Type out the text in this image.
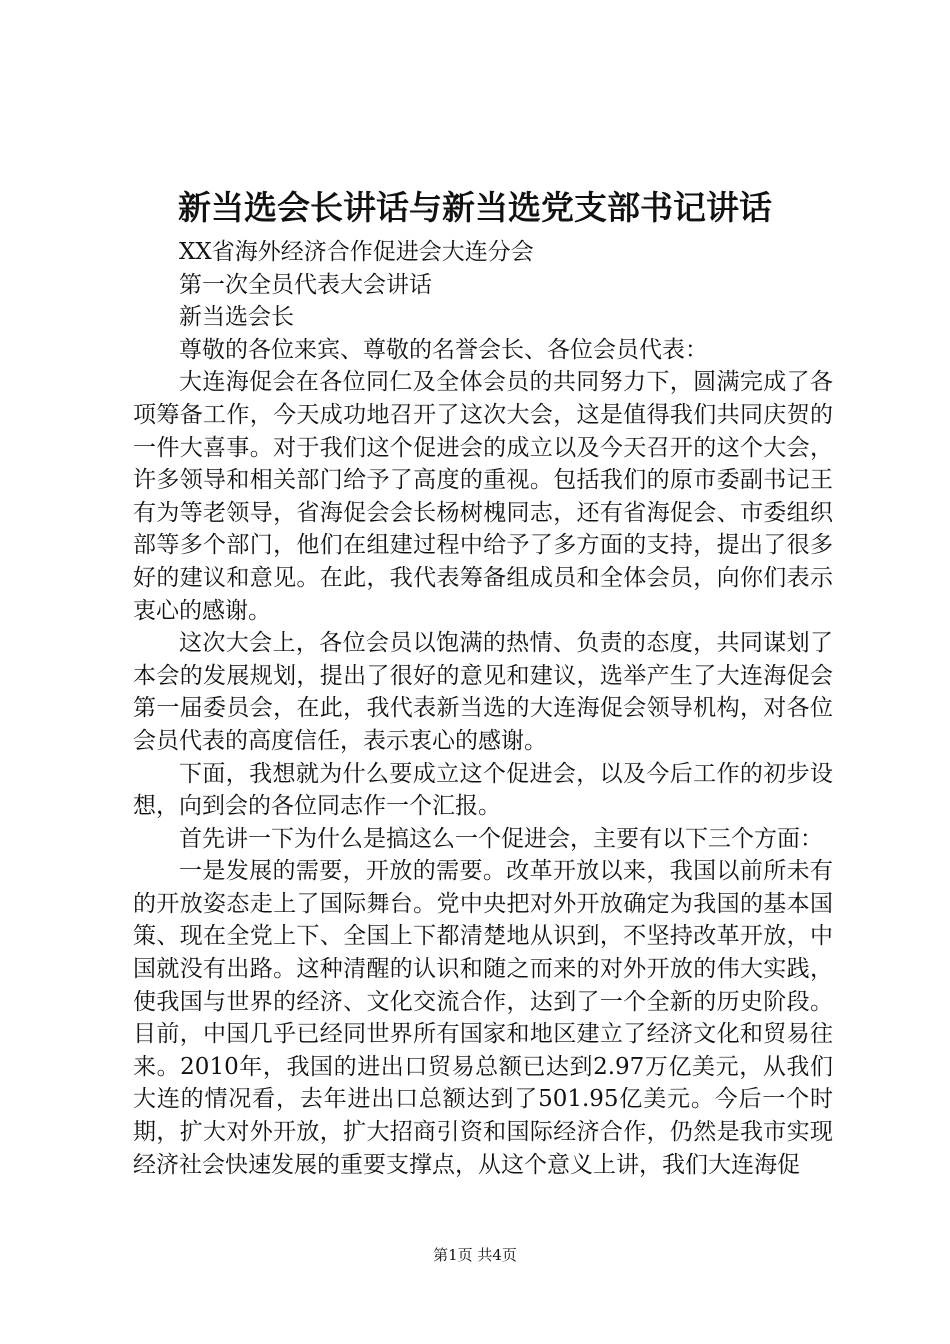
新当选会长讲话与新当选党支部书记讲话

XX省海外经济合作促进会大连分会

第一次全员代表大会讲话

新当选会长

尊敬的各位来宾、尊敬的名誉会长、各位会员代表：

大连海促会在各位同仁及全体会员的共同努力下，圆满完成了各项筹备工作，今天成功地召开了这次大会，这是值得我们共同庆贺的一件大喜事。对于我们这个促进会的成立以及今天召开的这个大会，许多领导和相关部门给予了高度的重视。包括我们的原市委副书记王有为等老领导，省海促会会长杨树槐同志，还有省海促会、市委组织部等多个部门，他们在组建过程中给予了多方面的支持，提出了很多好的建议和意见。在此，我代表筹备组成员和全体会员，向你们表示衷心的感谢。

这次大会上，各位会员以饱满的热情、负责的态度，共同谋划了本会的发展规划，提出了很好的意见和建议，选举产生了大连海促会第一届委员会，在此，我代表新当选的大连海促会领导机构，对各位会员代表的高度信任，表示衷心的感谢。

下面，我想就为什么要成立这个促进会，以及今后工作的初步设想，向到会的各位同志作一个汇报。

首先讲一下为什么是搞这么一个促进会，主要有以下三个方面：

一是发展的需要，开放的需要。改革开放以来，我国以前所未有的开放姿态走上了国际舞台。党中央把对外开放确定为我国的基本国策、现在全党上下、全国上下都清楚地从识到，不坚持改革开放，中国就没有出路。这种清醒的认识和随之而来的对外开放的伟大实践，使我国与世界的经济、文化交流合作，达到了一个全新的历史阶段。目前，中国几乎已经同世界所有国家和地区建立了经济文化和贸易往来。2010年，我国的进出口贸易总额已达到2.97万亿美元，从我们大连的情况看，去年进出口总额达到了501.95亿美元。今后一个时期，扩大对外开放，扩大招商引资和国际经济合作，仍然是我市实现经济社会快速发展的重要支撑点，从这个意义上讲，我们大连海促

第1页 共4页
